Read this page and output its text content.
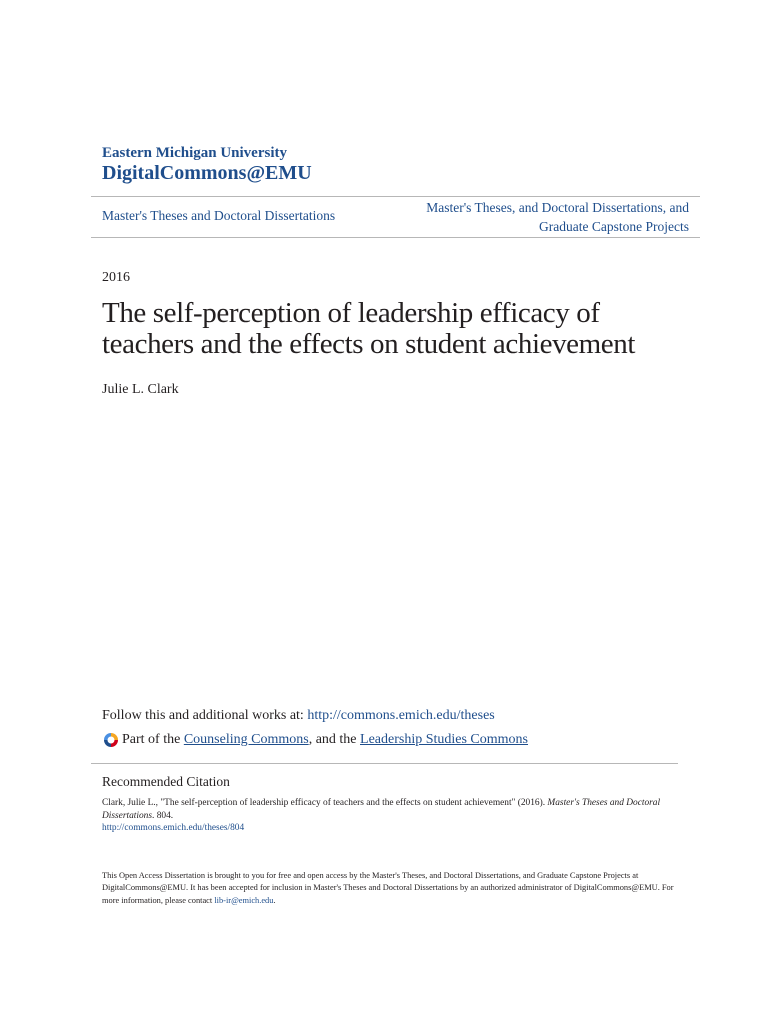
Eastern Michigan University
DigitalCommons@EMU
Master's Theses and Doctoral Dissertations
Master's Theses, and Doctoral Dissertations, and
Graduate Capstone Projects
2016
The self-perception of leadership efficacy of
teachers and the effects on student achievement
Julie L. Clark
Follow this and additional works at: http://commons.emich.edu/theses
Part of the
Counseling Commons , and the Leadership Studies Commons
Recommended Citation
Clark, Julie L., "The self-perception of leadership efficacy of teachers and the effects on student achievement" (2016). Master's Theses and Doctoral Dissertations. 804.
http://commons.emich.edu/theses/804
This Open Access Dissertation is brought to you for free and open access by the Master's Theses, and Doctoral Dissertations, and Graduate Capstone Projects at DigitalCommons@EMU. It has been accepted for inclusion in Master's Theses and Doctoral Dissertations by an authorized administrator of DigitalCommons@EMU. For more information, please contact lib-ir@emich.edu.
